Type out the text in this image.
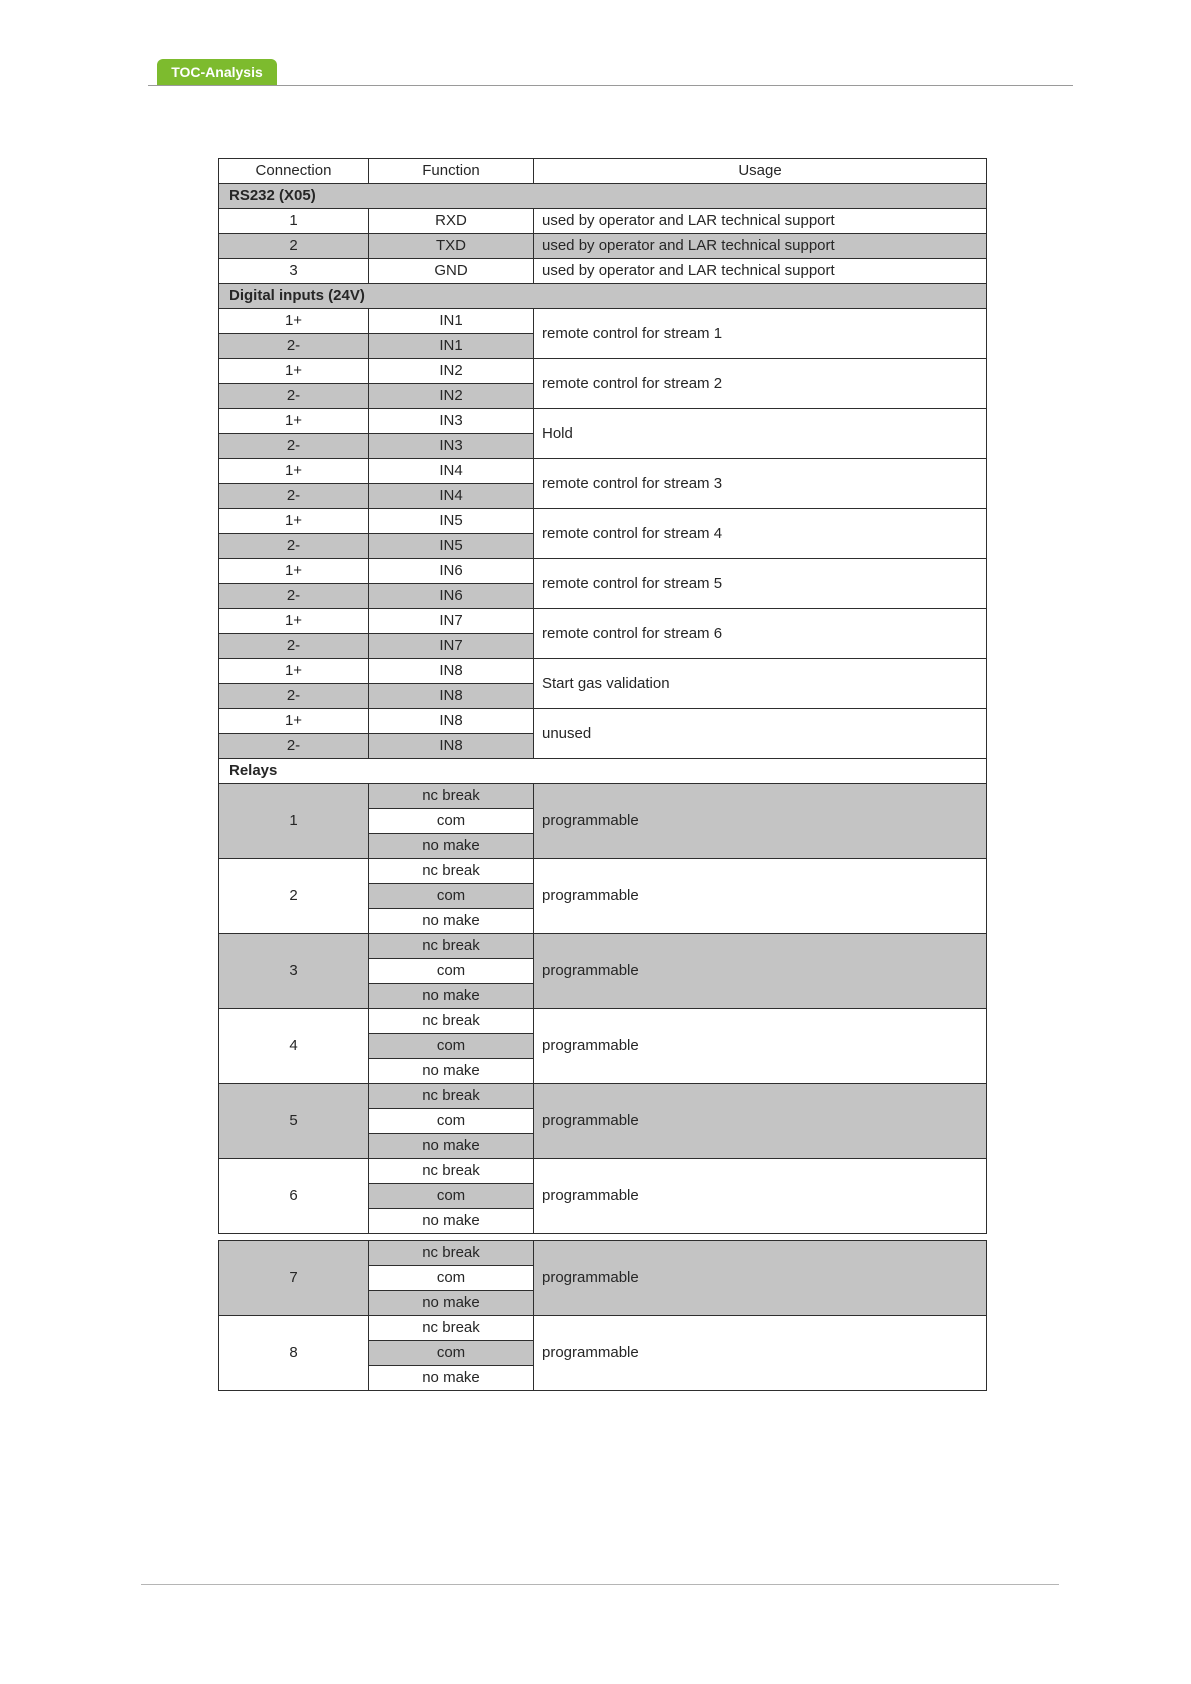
TOC-Analysis
Connection	Function	Usage
RS232 (X05)		
1	RXD	used by operator and LAR technical support
2	TXD	used by operator and LAR technical support
3	GND	used by operator and LAR technical support
Digital inputs (24V)		
1+	IN1	remote control for stream 1
2-	IN1	
1+	IN2	remote control for stream 2
2-	IN2	
1+	IN3	Hold
2-	IN3	
1+	IN4	remote control for stream 3
2-	IN4	
1+	IN5	remote control for stream 4
2-	IN5	
1+	IN6	remote control for stream 5
2-	IN6	
1+	IN7	remote control for stream 6
2-	IN7	
1+	IN8	Start gas validation
2-	IN8	
1+	IN8	unused
2-	IN8	
Relays		
1	nc break	programmable
	com	
	no make	
2	nc break	programmable
	com	
	no make	
3	nc break	programmable
	com	
	no make	
4	nc break	programmable
	com	
	no make	
5	nc break	programmable
	com	
	no make	
6	nc break	programmable
	com	
	no make	

7	nc break	programmable
	com	
	no make	
8	nc break	programmable
	com	
	no make	
